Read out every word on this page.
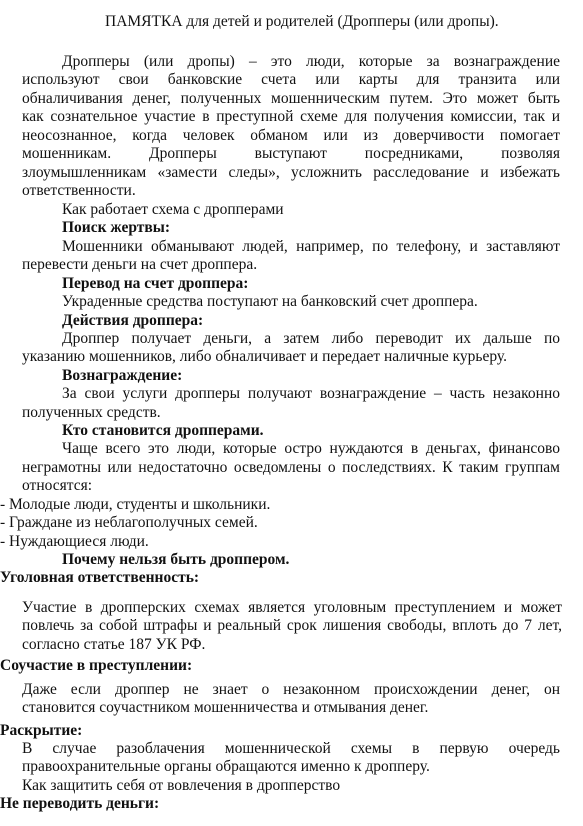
ПАМЯТКА для детей и родителей (Дропперы (или дропы).
Дропперы (или дропы) – это люди, которые за вознаграждение
используют свои банковские счета или карты для транзита или
обналичивания денег, полученных мошенническим путем. Это может быть
как сознательное участие в преступной схеме для получения комиссии, так и
неосознанное, когда человек обманом или из доверчивости помогает
мошенникам. Дропперы выступают посредниками, позволяя
злоумышленникам «замести следы», усложнить расследование и избежать
ответственности.
Как работает схема с дропперами
Поиск жертвы:
Мошенники обманывают людей, например, по телефону, и заставляют
перевести деньги на счет дроппера.
Перевод на счет дроппера:
Украденные средства поступают на банковский счет дроппера.
Действия дроппера:
Дроппер получает деньги, а затем либо переводит их дальше по
указанию мошенников, либо обналичивает и передает наличные курьеру.
Вознаграждение:
За свои услуги дропперы получают вознаграждение – часть незаконно
полученных средств.
Кто становится дропперами.
Чаще всего это люди, которые остро нуждаются в деньгах, финансово
неграмотны или недостаточно осведомлены о последствиях. К таким группам
относятся:
- Молодые люди, студенты и школьники.
- Граждане из неблагополучных семей.
- Нуждающиеся люди.
Почему нельзя быть дроппером.
Уголовная ответственность:
Участие в дропперских схемах является уголовным преступлением и может
повлечь за собой штрафы и реальный срок лишения свободы, вплоть до 7 лет,
согласно статье 187 УК РФ.
Соучастие в преступлении:
Даже если дроппер не знает о незаконном происхождении денег, он
становится соучастником мошенничества и отмывания денег.
Раскрытие:
В случае разоблачения мошеннической схемы в первую очередь
правоохранительные органы обращаются именно к дропперу.
Как защитить себя от вовлечения в дропперство
Не переводить деньги:
